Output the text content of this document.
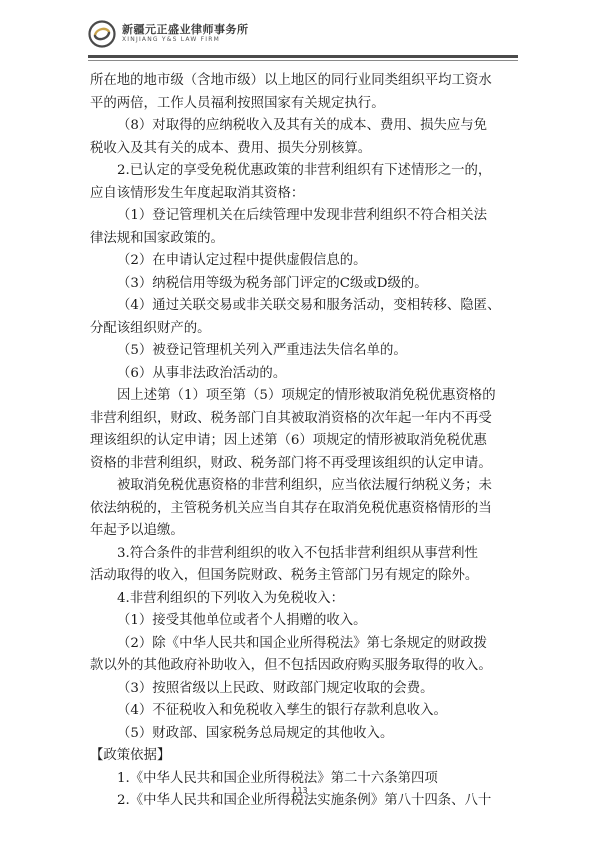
新疆元正盛业律师事务所
XINJIANG Y&S LAW FIRM
所在地的地市级（含地市级）以上地区的同行业同类组织平均工资水
平的两倍，工作人员福利按照国家有关规定执行。
（8）对取得的应纳税收入及其有关的成本、费用、损失应与免
税收入及其有关的成本、费用、损失分别核算。
2.已认定的享受免税优惠政策的非营利组织有下述情形之一的，
应自该情形发生年度起取消其资格：
（1）登记管理机关在后续管理中发现非营利组织不符合相关法
律法规和国家政策的。
（2）在申请认定过程中提供虚假信息的。
（3）纳税信用等级为税务部门评定的C级或D级的。
（4）通过关联交易或非关联交易和服务活动，变相转移、隐匿、
分配该组织财产的。
（5）被登记管理机关列入严重违法失信名单的。
（6）从事非法政治活动的。
因上述第（1）项至第（5）项规定的情形被取消免税优惠资格的
非营利组织，财政、税务部门自其被取消资格的次年起一年内不再受
理该组织的认定申请；因上述第（6）项规定的情形被取消免税优惠
资格的非营利组织，财政、税务部门将不再受理该组织的认定申请。
被取消免税优惠资格的非营利组织，应当依法履行纳税义务；未
依法纳税的，主管税务机关应当自其存在取消免税优惠资格情形的当
年起予以追缴。
3.符合条件的非营利组织的收入不包括非营利组织从事营利性
活动取得的收入，但国务院财政、税务主管部门另有规定的除外。
4.非营利组织的下列收入为免税收入：
（1）接受其他单位或者个人捐赠的收入。
（2）除《中华人民共和国企业所得税法》第七条规定的财政拨
款以外的其他政府补助收入，但不包括因政府购买服务取得的收入。
（3）按照省级以上民政、财政部门规定收取的会费。
（4）不征税收入和免税收入孳生的银行存款利息收入。
（5）财政部、国家税务总局规定的其他收入。
【政策依据】
1.《中华人民共和国企业所得税法》第二十六条第四项
2.《中华人民共和国企业所得税法实施条例》第八十四条、八十
113
